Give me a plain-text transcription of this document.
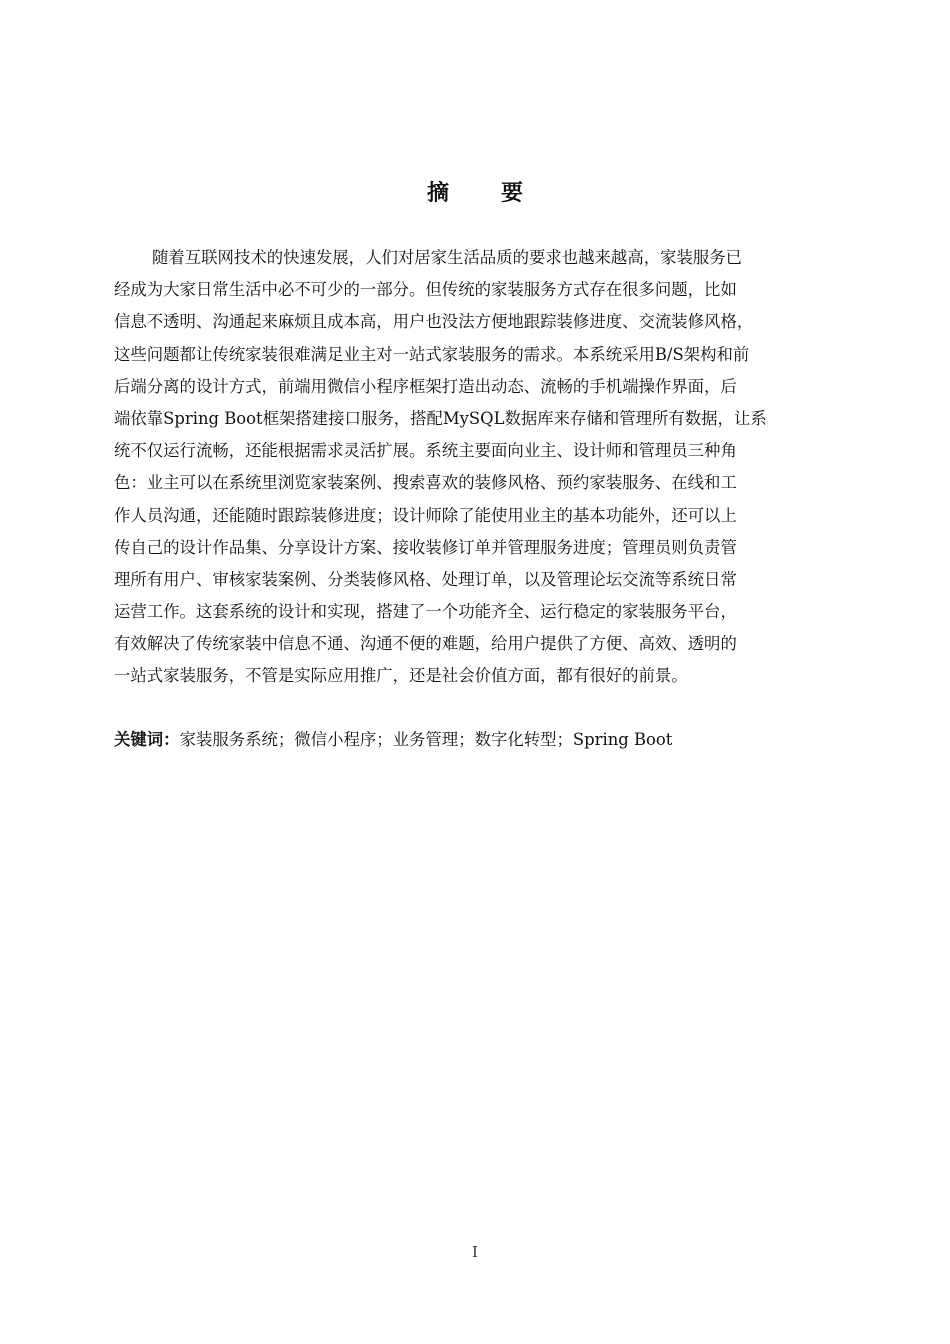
摘要
随着互联网技术的快速发展，人们对居家生活品质的要求也越来越高，家装服务已
经成为大家日常生活中必不可少的一部分。但传统的家装服务方式存在很多问题，比如
信息不透明、沟通起来麻烦且成本高，用户也没法方便地跟踪装修进度、交流装修风格，
这些问题都让传统家装很难满足业主对一站式家装服务的需求。本系统采用B/S架构和前
后端分离的设计方式，前端用微信小程序框架打造出动态、流畅的手机端操作界面，后
端依靠Spring Boot框架搭建接口服务，搭配MySQL数据库来存储和管理所有数据，让系
统不仅运行流畅，还能根据需求灵活扩展。系统主要面向业主、设计师和管理员三种角
色：业主可以在系统里浏览家装案例、搜索喜欢的装修风格、预约家装服务、在线和工
作人员沟通，还能随时跟踪装修进度；设计师除了能使用业主的基本功能外，还可以上
传自己的设计作品集、分享设计方案、接收装修订单并管理服务进度；管理员则负责管
理所有用户、审核家装案例、分类装修风格、处理订单，以及管理论坛交流等系统日常
运营工作。这套系统的设计和实现，搭建了一个功能齐全、运行稳定的家装服务平台，
有效解决了传统家装中信息不通、沟通不便的难题，给用户提供了方便、高效、透明的
一站式家装服务，不管是实际应用推广，还是社会价值方面，都有很好的前景。
关键词：家装服务系统；微信小程序；业务管理；数字化转型；Spring Boot
I
